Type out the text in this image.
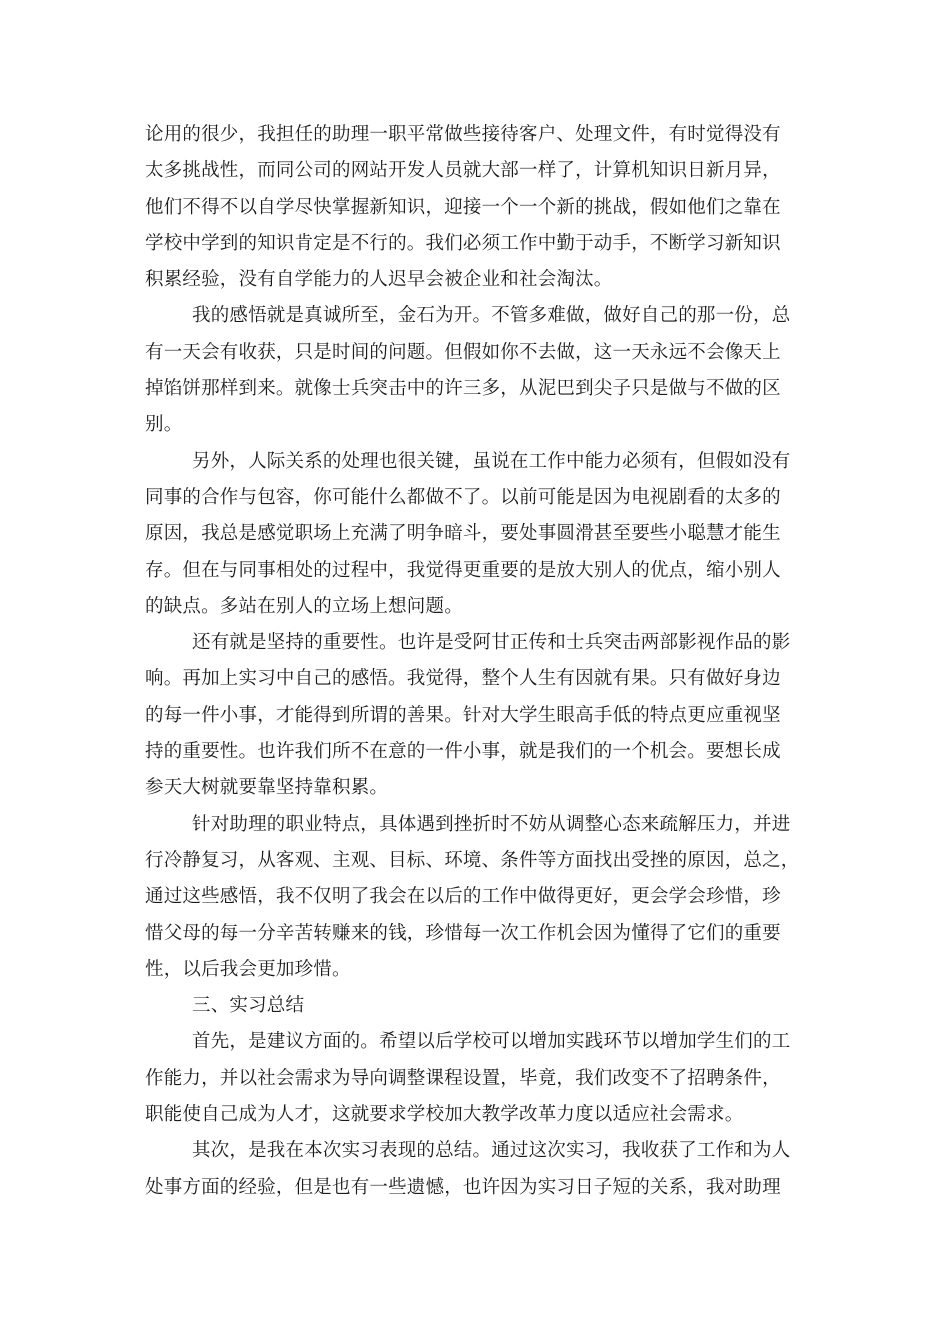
论用的很少，我担任的助理一职平常做些接待客户、处理文件，有时觉得没有
太多挑战性，而同公司的网站开发人员就大部一样了，计算机知识日新月异，
他们不得不以自学尽快掌握新知识，迎接一个一个新的挑战，假如他们之靠在
学校中学到的知识肯定是不行的。我们必须工作中勤于动手，不断学习新知识
积累经验，没有自学能力的人迟早会被企业和社会淘汰。
我的感悟就是真诚所至，金石为开。不管多难做，做好自己的那一份，总
有一天会有收获，只是时间的问题。但假如你不去做，这一天永远不会像天上
掉馅饼那样到来。就像士兵突击中的许三多，从泥巴到尖子只是做与不做的区
别。
另外，人际关系的处理也很关键，虽说在工作中能力必须有，但假如没有
同事的合作与包容，你可能什么都做不了。以前可能是因为电视剧看的太多的
原因，我总是感觉职场上充满了明争暗斗，要处事圆滑甚至要些小聪慧才能生
存。但在与同事相处的过程中，我觉得更重要的是放大别人的优点，缩小别人
的缺点。多站在别人的立场上想问题。
还有就是坚持的重要性。也许是受阿甘正传和士兵突击两部影视作品的影
响。再加上实习中自己的感悟。我觉得，整个人生有因就有果。只有做好身边
的每一件小事，才能得到所谓的善果。针对大学生眼高手低的特点更应重视坚
持的重要性。也许我们所不在意的一件小事，就是我们的一个机会。要想长成
参天大树就要靠坚持靠积累。
针对助理的职业特点，具体遇到挫折时不妨从调整心态来疏解压力，并进
行冷静复习，从客观、主观、目标、环境、条件等方面找出受挫的原因，总之，
通过这些感悟，我不仅明了我会在以后的工作中做得更好，更会学会珍惜，珍
惜父母的每一分辛苦转赚来的钱，珍惜每一次工作机会因为懂得了它们的重要
性，以后我会更加珍惜。
三、实习总结
首先，是建议方面的。希望以后学校可以增加实践环节以增加学生们的工
作能力，并以社会需求为导向调整课程设置，毕竟，我们改变不了招聘条件，
职能使自己成为人才，这就要求学校加大教学改革力度以适应社会需求。
其次，是我在本次实习表现的总结。通过这次实习，我收获了工作和为人
处事方面的经验，但是也有一些遗憾，也许因为实习日子短的关系，我对助理
